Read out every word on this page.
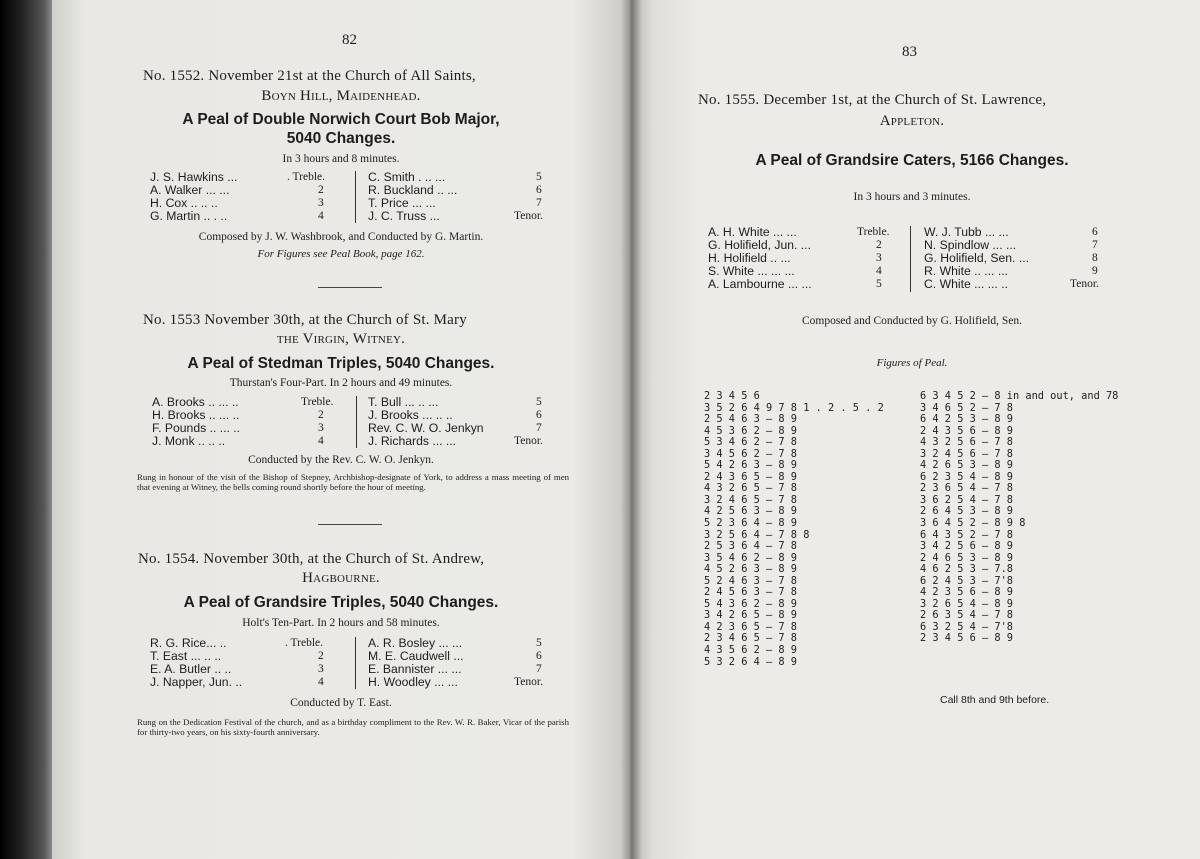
82
No. 1552. November 21st at the Church of All Saints,
Boyn Hill, Maidenhead.
A Peal of Double Norwich Court Bob Major,
5040 Changes.
In 3 hours and 8 minutes.
J. S. Hawkins ...	. Treble.	C. Smith . .. ...	5
A. Walker ... ...	2	R. Buckland .. ...	6
H. Cox .. .. ..	3	T. Price ... ...	7
G. Martin .. . ..	4	J. C. Truss ...	Tenor.
Composed by J. W. Washbrook, and Conducted by G. Martin.
For Figures see Peal Book, page 162.
No. 1553 November 30th, at the Church of St. Mary
the Virgin, Witney.
A Peal of Stedman Triples, 5040 Changes.
Thurstan's Four-Part. In 2 hours and 49 minutes.
A. Brooks .. ... ..	Treble.	T. Bull ... .. ...	5
H. Brooks .. ... ..	2	J. Brooks ... .. ..	6
F. Pounds .. ... ..	3	Rev. C. W. O. Jenkyn	7
J. Monk .. .. ..	4	J. Richards ... ...	Tenor.
Conducted by the Rev. C. W. O. Jenkyn.
Rung in honour of the visit of the Bishop of Stepney, Archbishop-designate of York, to address a mass meeting of men that evening at Witney, the bells coming round shortly before the hour of meeting.
No. 1554. November 30th, at the Church of St. Andrew,
Hagbourne.
A Peal of Grandsire Triples, 5040 Changes.
Holt's Ten-Part. In 2 hours and 58 minutes.
R. G. Rice... ..	. Treble.	A. R. Bosley ... ...	5
T. East ... .. ..	2	M. E. Caudwell ...	6
E. A. Butler .. ..	3	E. Bannister ... ...	7
J. Napper, Jun. ..	4	H. Woodley ... ...	Tenor.
Conducted by T. East.
Rung on the Dedication Festival of the church, and as a birthday compliment to the Rev. W. R. Baker, Vicar of the parish for thirty-two years, on his sixty-fourth anniversary.
83
No. 1555. December 1st, at the Church of St. Lawrence,
Appleton.
A Peal of Grandsire Caters, 5166 Changes.
In 3 hours and 3 minutes.
A. H. White ... ...	Treble.	W. J. Tubb ... ...	6
G. Holifield, Jun. ...	2	N. Spindlow ... ...	7
H. Holifield .. ...	3	G. Holifield, Sen. ...	8
S. White ... ... ...	4	R. White .. ... ...	9
A. Lambourne ... ...	5	C. White ... ... ..	Tenor.
Composed and Conducted by G. Holifield, Sen.
Figures of Peal.
2 3 4 5 6
3 5 2 6 4 9 7 8 1 . 2 . 5 . 2
2 5 4 6 3 — 8 9
4 5 3 6 2 — 8 9
5 3 4 6 2 — 7 8
3 4 5 6 2 — 7 8
5 4 2 6 3 — 8 9
2 4 3 6 5 — 8 9
4 3 2 6 5 — 7 8
3 2 4 6 5 — 7 8
4 2 5 6 3 — 8 9
5 2 3 6 4 — 8 9
3 2 5 6 4 — 7 8 8
2 5 3 6 4 — 7 8
3 5 4 6 2 — 8 9
4 5 2 6 3 — 8 9
5 2 4 6 3 — 7 8
2 4 5 6 3 — 7 8
5 4 3 6 2 — 8 9
3 4 2 6 5 — 8 9
4 2 3 6 5 — 7 8
2 3 4 6 5 — 7 8
4 3 5 6 2 — 8 9
5 3 2 6 4 — 8 9
6 3 4 5 2 — 8 in and out, and 78
3 4 6 5 2 — 7 8
6 4 2 5 3 — 8 9
2 4 3 5 6 — 8 9
4 3 2 5 6 — 7 8
3 2 4 5 6 — 7 8
4 2 6 5 3 — 8 9
6 2 3 5 4 — 8 9
2 3 6 5 4 — 7 8
3 6 2 5 4 — 7 8
2 6 4 5 3 — 8 9
3 6 4 5 2 — 8 9 8
6 4 3 5 2 — 7 8
3 4 2 5 6 — 8 9
2 4 6 5 3 — 8 9
4 6 2 5 3 — 7.8
6 2 4 5 3 — 7'8
4 2 3 5 6 — 8 9
3 2 6 5 4 — 8 9
2 6 3 5 4 — 7 8
6 3 2 5 4 — 7'8
2 3 4 5 6 — 8 9
Call 8th and 9th before.
